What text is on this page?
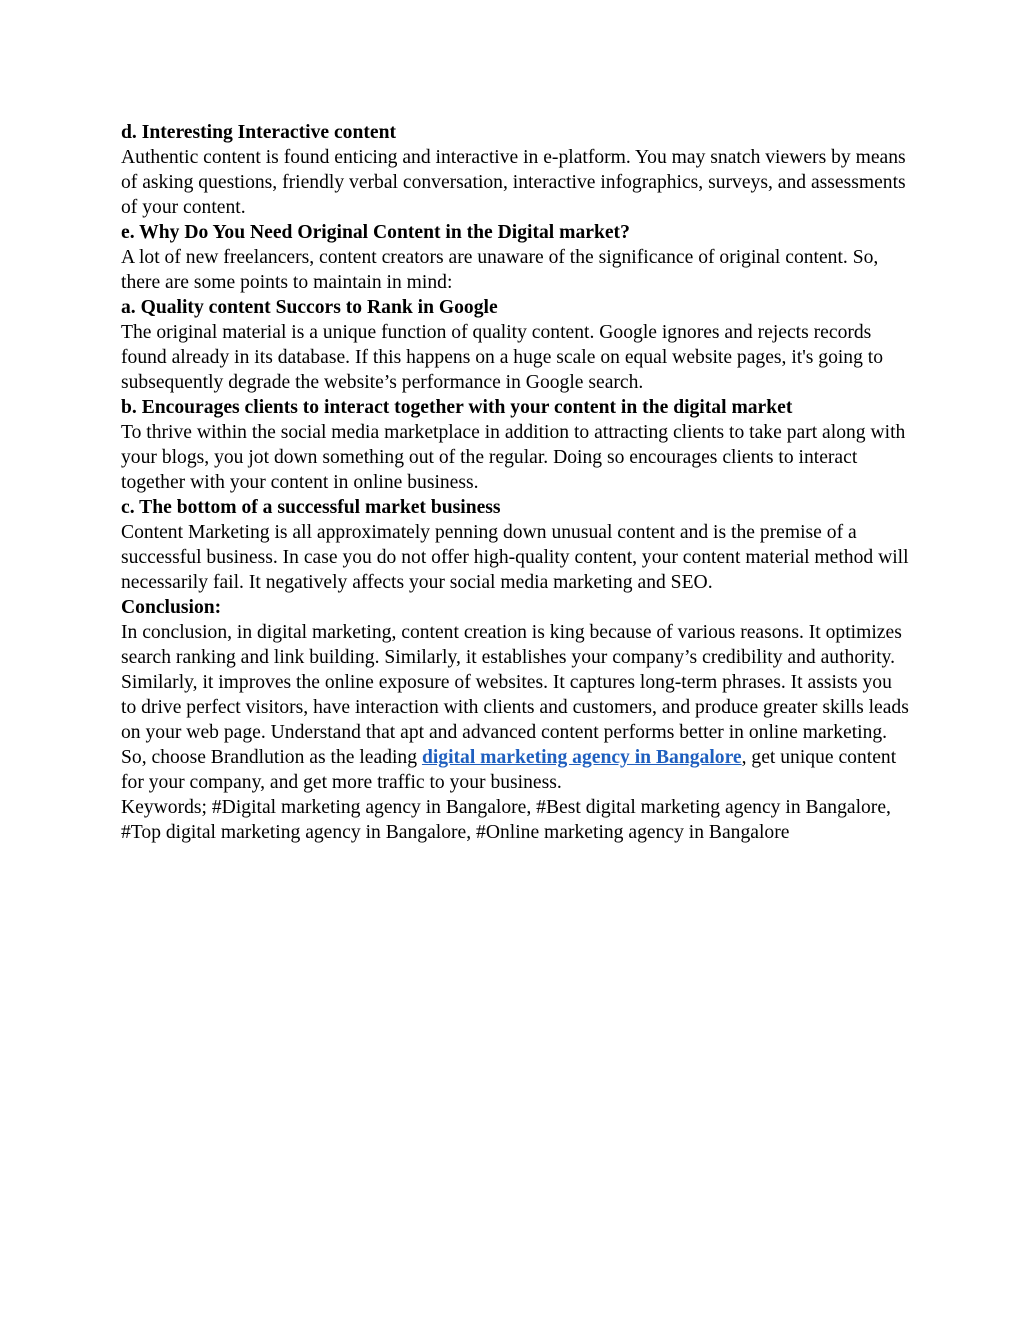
d. Interesting Interactive content

Authentic content is found enticing and interactive in e-platform. You may snatch viewers by means of asking questions, friendly verbal conversation, interactive infographics, surveys, and assessments of your content.

e. Why Do You Need Original Content in the Digital market?

A lot of new freelancers, content creators are unaware of the significance of original content. So, there are some points to maintain in mind:

a. Quality content Succors to Rank in Google

The original material is a unique function of quality content. Google ignores and rejects records found already in its database. If this happens on a huge scale on equal website pages, it's going to subsequently degrade the website’s performance in Google search.

b. Encourages clients to interact together with your content in the digital market

To thrive within the social media marketplace in addition to attracting clients to take part along with your blogs, you jot down something out of the regular. Doing so encourages clients to interact together with your content in online business.

c. The bottom of a successful market business

Content Marketing is all approximately penning down unusual content and is the premise of a successful business. In case you do not offer high-quality content, your content material method will necessarily fail. It negatively affects your social media marketing and SEO.

Conclusion:

In conclusion, in digital marketing, content creation is king because of various reasons. It optimizes search ranking and link building. Similarly, it establishes your company’s credibility and authority. Similarly, it improves the online exposure of websites. It captures long-term phrases. It assists you to drive perfect visitors, have interaction with clients and customers, and produce greater skills leads on your web page. Understand that apt and advanced content performs better in online marketing.

So, choose Brandlution as the leading digital marketing agency in Bangalore, get unique content for your company, and get more traffic to your business.

Keywords; #Digital marketing agency in Bangalore, #Best digital marketing agency in Bangalore, #Top digital marketing agency in Bangalore, #Online marketing agency in Bangalore
